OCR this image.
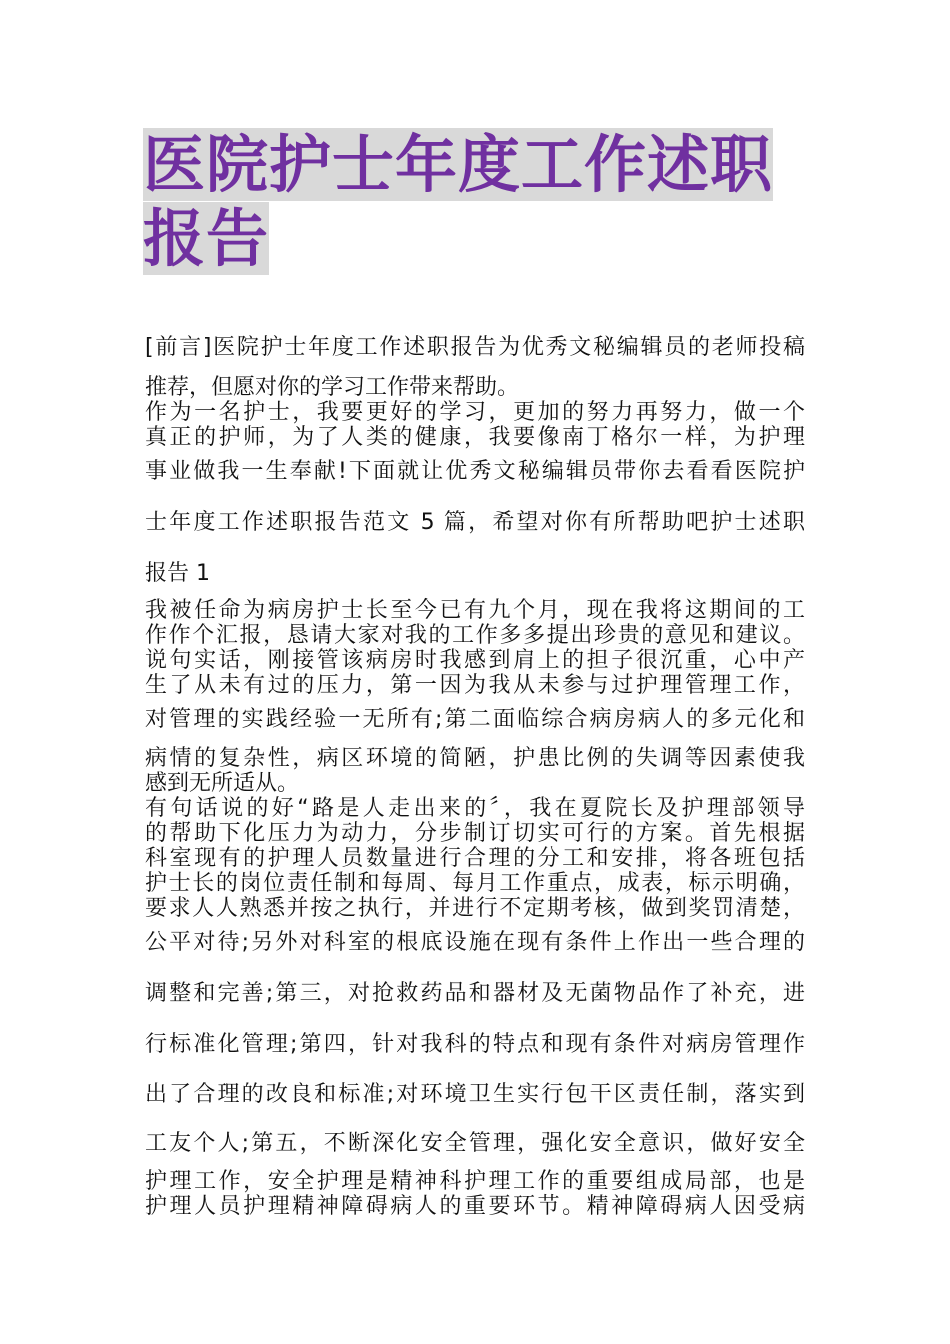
医院护士年度工作述职报告

[前言]医院护士年度工作述职报告为优秀文秘编辑员的老师投稿

推荐，但愿对你的学习工作带来帮助。

作为一名护士，我要更好的学习，更加的努力再努力，做一个

真正的护师，为了人类的健康，我要像南丁格尔一样，为护理

事业做我一生奉献!下面就让优秀文秘编辑员带你去看看医院护

士年度工作述职报告范文 5 篇，希望对你有所帮助吧护士述职

报告 1

我被任命为病房护士长至今已有九个月，现在我将这期间的工

作作个汇报，恳请大家对我的工作多多提出珍贵的意见和建议。

说句实话，刚接管该病房时我感到肩上的担子很沉重，心中产

生了从未有过的压力，第一因为我从未参与过护理管理工作，

对管理的实践经验一无所有;第二面临综合病房病人的多元化和

病情的复杂性，病区环境的简陋，护患比例的失调等因素使我

感到无所适从。

有句话说的好“路是人走出来的〞，我在夏院长及护理部领导

的帮助下化压力为动力，分步制订切实可行的方案。首先根据

科室现有的护理人员数量进行合理的分工和安排，将各班包括

护士长的岗位责任制和每周、每月工作重点，成表，标示明确，

要求人人熟悉并按之执行，并进行不定期考核，做到奖罚清楚，

公平对待;另外对科室的根底设施在现有条件上作出一些合理的

调整和完善;第三，对抢救药品和器材及无菌物品作了补充，进

行标准化管理;第四，针对我科的特点和现有条件对病房管理作

出了合理的改良和标准;对环境卫生实行包干区责任制，落实到

工友个人;第五，不断深化安全管理，强化安全意识，做好安全

护理工作，安全护理是精神科护理工作的重要组成局部，也是

护理人员护理精神障碍病人的重要环节。精神障碍病人因受病
